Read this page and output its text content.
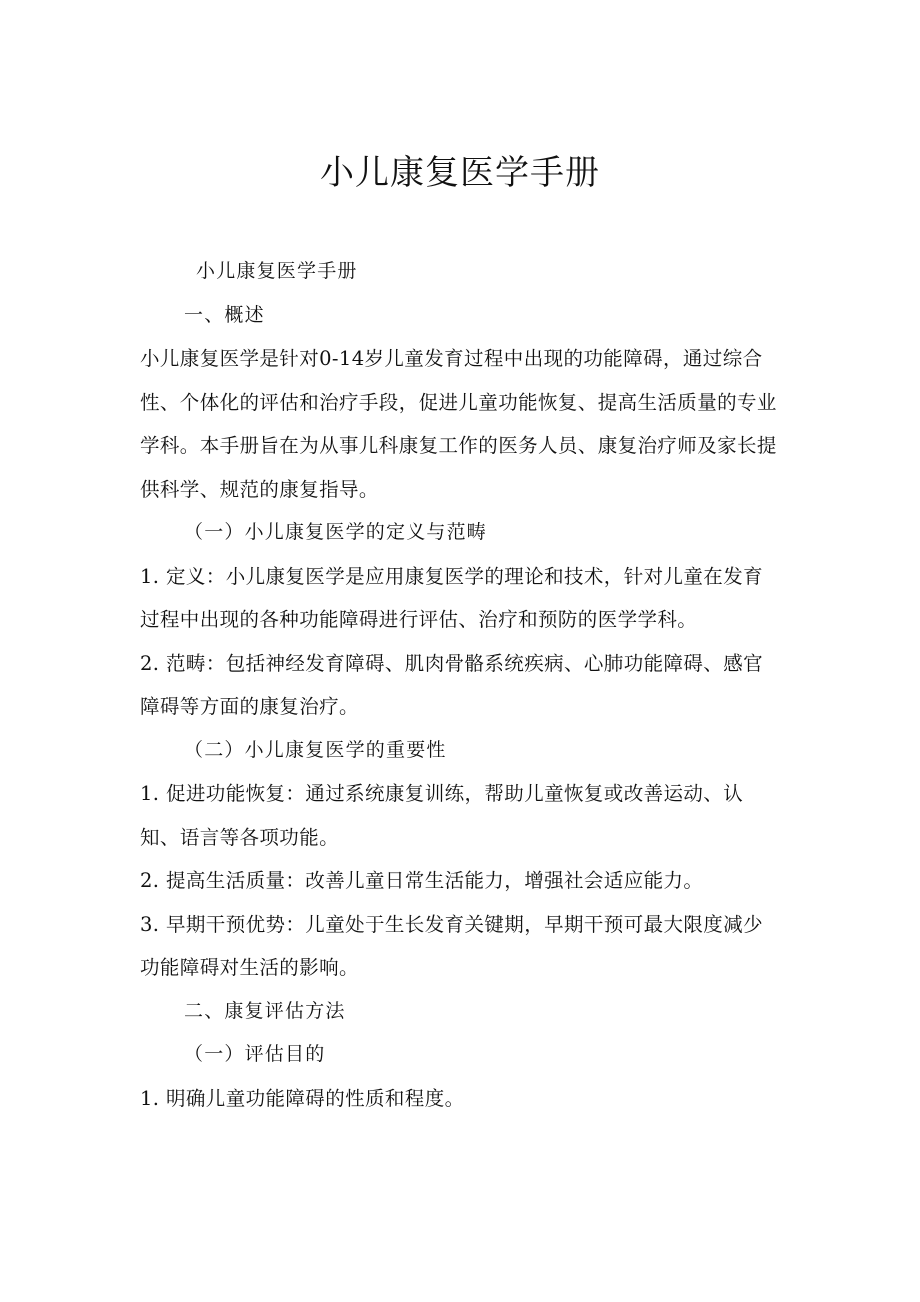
小儿康复医学手册

小儿康复医学手册

一、概述

小儿康复医学是针对0-14岁儿童发育过程中出现的功能障碍，通过综合性、个体化的评估和治疗手段，促进儿童功能恢复、提高生活质量的专业学科。本手册旨在为从事儿科康复工作的医务人员、康复治疗师及家长提供科学、规范的康复指导。

（一）小儿康复医学的定义与范畴

1. 定义：小儿康复医学是应用康复医学的理论和技术，针对儿童在发育过程中出现的各种功能障碍进行评估、治疗和预防的医学学科。

2. 范畴：包括神经发育障碍、肌肉骨骼系统疾病、心肺功能障碍、感官障碍等方面的康复治疗。

（二）小儿康复医学的重要性

1. 促进功能恢复：通过系统康复训练，帮助儿童恢复或改善运动、认知、语言等各项功能。

2. 提高生活质量：改善儿童日常生活能力，增强社会适应能力。

3. 早期干预优势：儿童处于生长发育关键期，早期干预可最大限度减少功能障碍对生活的影响。

二、康复评估方法

（一）评估目的

1. 明确儿童功能障碍的性质和程度。
